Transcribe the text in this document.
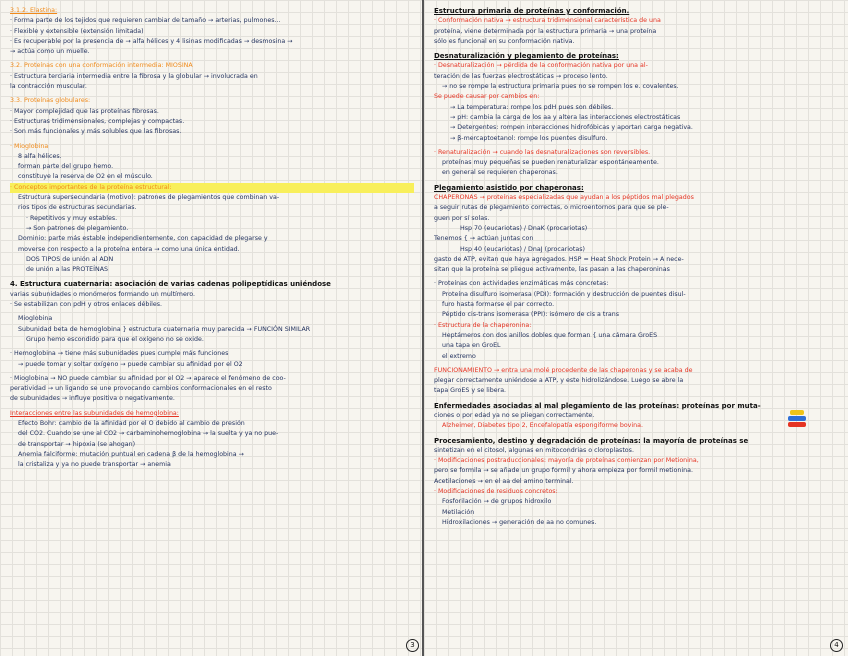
3.1.2. Elastina:
· Forma parte de los tejidos que requieren cambiar de tamaño → arterias, pulmones...
· Flexible y extensible (extensión limitada)
· Es recuperable por la presencia de → alfa hélices y 4 lisinas modificadas → desmosina →
→ actúa como un muelle.
3.2. Proteínas con una conformación intermedia: MIOSINA
· Estructura terciaria intermedia entre la fibrosa y la globular → involucrada en
la contracción muscular.
3.3. Proteínas globulares:
· Mayor complejidad que las proteínas fibrosas.
· Estructuras tridimensionales, complejas y compactas.
· Son más funcionales y más solubles que las fibrosas.
· Mioglobina
8 alfa hélices.
forman parte del grupo hemo.
constituye la reserva de O2 en el músculo.
· Conceptos importantes de la proteína estructural:
Estructura supersecundaria (motivo): patrones de plegamientos que combinan va-
rios tipos de estructuras secundarias.
· Repetitivos y muy estables.
→ Son patrones de plegamiento.
Dominio: parte más estable independientemente, con capacidad de plegarse y
moverse con respecto a la proteína entera → como una única entidad.
DOS TIPOS de unión al ADN
de unión a las PROTEÍNAS
4. Estructura cuaternaria: asociación de varias cadenas polipeptídicas uniéndose
varias subunidades o monómeros formando un multímero.
· Se estabilizan con pdH y otros enlaces débiles.
Mioglobina
Subunidad beta de hemoglobina } estructura cuaternaria muy parecida → FUNCIÓN SIMILAR
Grupo hemo escondido para que el oxígeno no se oxide.
· Hemoglobina → tiene más subunidades pues cumple más funciones
→ puede tomar y soltar oxígeno → puede cambiar su afinidad por el O2
· Mioglobina → NO puede cambiar su afinidad por el O2 → aparece el fenómeno de coo-
peratividad → un ligando se une provocando cambios conformacionales en el resto
de subunidades → influye positiva o negativamente.
Interacciones entre las subunidades de hemoglobina:
Efecto Bohr: cambio de la afinidad por el O debido al cambio de presión
del CO2. Cuando se une al CO2 → carbaminohemoglobina → la suelta y ya no pue-
de transportar → hipoxia (se ahogan)
Anemia falciforme: mutación puntual en cadena β de la hemoglobina →
la cristaliza y ya no puede transportar → anemia
3
Estructura primaria de proteínas y conformación.
· Conformación nativa → estructura tridimensional característica de una
proteína, viene determinada por la estructura primaria → una proteína
sólo es funcional en su conformación nativa.
Desnaturalización y plegamiento de proteínas:
· Desnaturalización → pérdida de la conformación nativa por una al-
teración de las fuerzas electrostáticas → proceso lento.
→ no se rompe la estructura primaria pues no se rompen los e. covalentes.
Se puede causar por cambios en:
→ La temperatura: rompe los pdH pues son débiles.
→ pH: cambia la carga de los aa y altera las interacciones electrostáticas
→ Detergentes: rompen interacciones hidrofóbicas y aportan carga negativa.
→ β-mercaptoetanol: rompe los puentes disulfuro.
· Renaturalización → cuando las desnaturalizaciones son reversibles.
proteínas muy pequeñas se pueden renaturalizar espontáneamente.
en general se requieren chaperonas.
Plegamiento asistido por chaperonas:
CHAPERONAS → proteínas especializadas que ayudan a los péptidos mal plegados
a seguir rutas de plegamiento correctas, o microentornos para que se ple-
guen por sí solas.
Hsp 70 (eucariotas) / DnaK (procariotas)
Tenemos { → actúan juntas con
Hsp 40 (eucariotas) / DnaJ (procariotas)
gasto de ATP, evitan que haya agregados. HSP = Heat Shock Protein → A nece-
sitan que la proteína se pliegue activamente, las pasan a las chaperoninas
· Proteínas con actividades enzimáticas más concretas:
Proteína disulfuro isomerasa (PDI): formación y destrucción de puentes disul-
furo hasta formarse el par correcto.
Péptido cis-trans isomerasa (PPI): isómero de cis a trans
· Estructura de la chaperonina:
Heptámeros con dos anillos dobles que forman { una cámara GroES
una tapa en GroEL
el extremo
FUNCIONAMIENTO → entra una molé procedente de las chaperonas y se acaba de
plegar correctamente uniéndose a ATP, y este hidrolizándose. Luego se abre la
tapa GroES y se libera.
Enfermedades asociadas al mal plegamiento de las proteínas: proteínas por muta-
ciones o por edad ya no se pliegan correctamente.
Alzheimer, Diabetes tipo 2, Encefalopatía espongiforme bovina.
Procesamiento, destino y degradación de proteínas: la mayoría de proteínas se
sintetizan en el citosol, algunas en mitocondrias o cloroplastos.
· Modificaciones postraduccionales: mayoría de proteínas comienzan por Metionina,
pero se formila → se añade un grupo formil y ahora empieza por formil metionina.
Acetilaciones → en el aa del amino terminal.
· Modificaciones de residuos concretos:
Fosforilación → de grupos hidroxilo
Metilación
Hidroxilaciones → generación de aa no comunes.
4
